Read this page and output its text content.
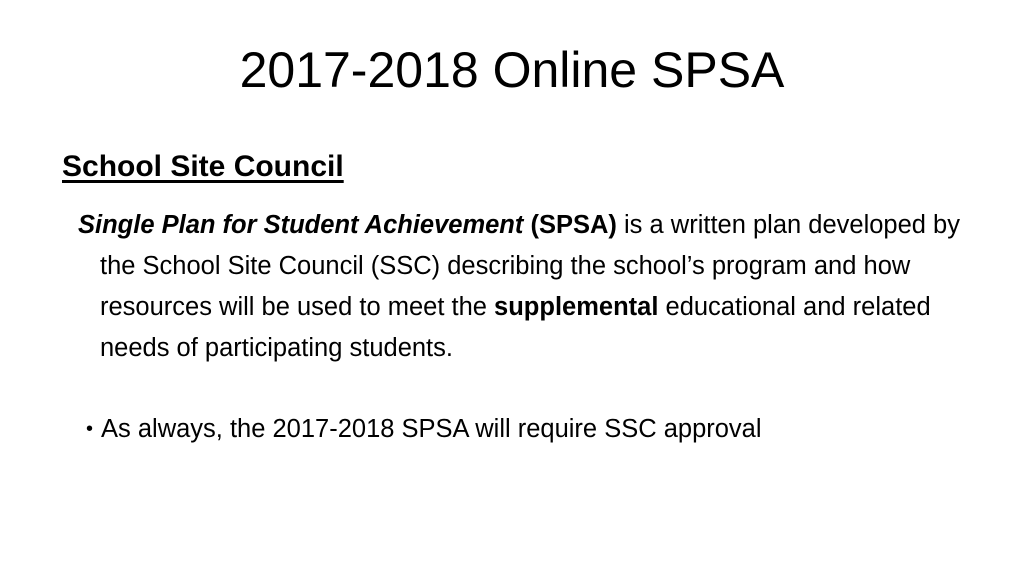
2017-2018 Online SPSA
School Site Council
Single Plan for Student Achievement (SPSA) is a written plan developed by the School Site Council (SSC) describing the school’s program and how resources will be used to meet the supplemental educational and related needs of participating students.
• As always, the 2017-2018 SPSA will require SSC approval
